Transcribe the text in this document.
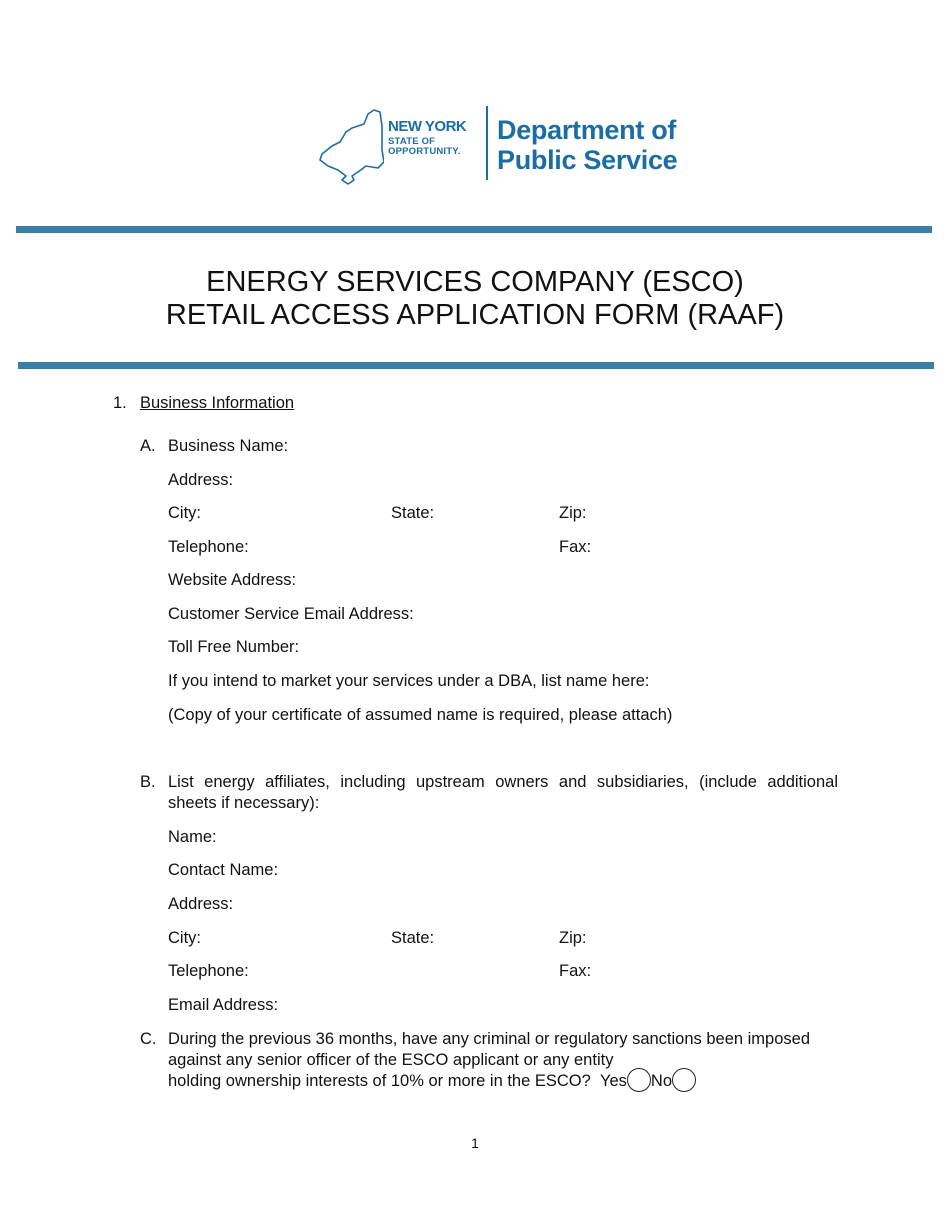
NEW YORK
STATE OF
OPPORTUNITY.
Department of
Public Service
ENERGY SERVICES COMPANY (ESCO)
RETAIL ACCESS APPLICATION FORM (RAAF)
1. Business Information
A. Business Name:
Address:
City:	State:	Zip:
Telephone:	Fax:
Website Address:
Customer Service Email Address:
Toll Free Number:
If you intend to market your services under a DBA, list name here:
(Copy of your certificate of assumed name is required, please attach)
B. List energy affiliates, including upstream owners and subsidiaries, (include additional sheets if necessary):
Name:
Contact Name:
Address:
City:	State:	Zip:
Telephone:	Fax:
Email Address:
C. During the previous 36 months, have any criminal or regulatory sanctions been imposed
against any senior officer of the ESCO applicant or any entity
holding ownership interests of 10% or more in the ESCO? Yes No
1
